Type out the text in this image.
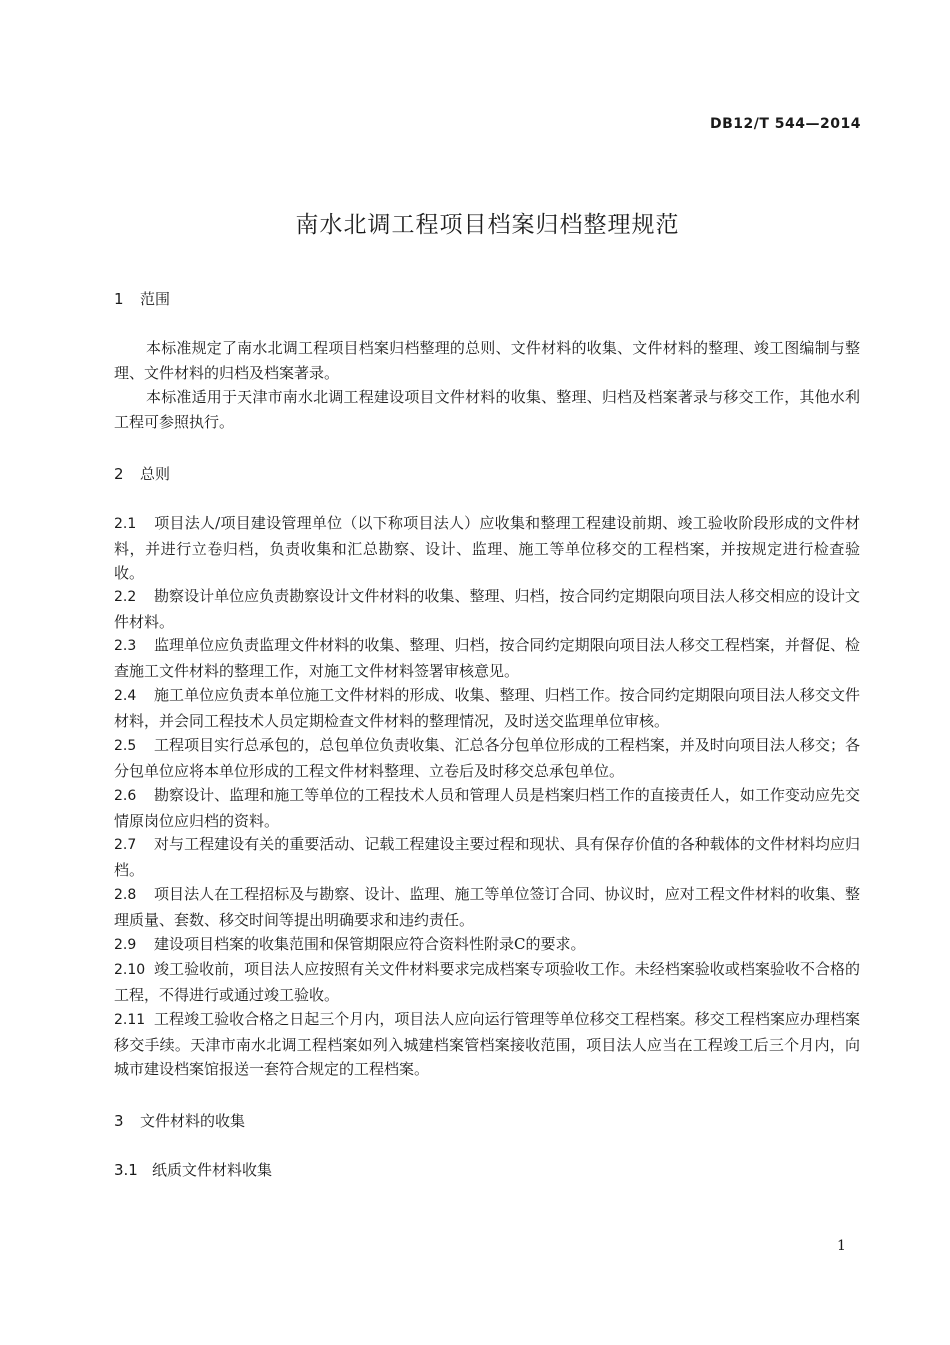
DB12/T 544—2014
南水北调工程项目档案归档整理规范
1 范围
本标准规定了南水北调工程项目档案归档整理的总则、文件材料的收集、文件材料的整理、竣工图编制与整理、文件材料的归档及档案著录。
本标准适用于天津市南水北调工程建设项目文件材料的收集、整理、归档及档案著录与移交工作，其他水利工程可参照执行。
2 总则
2.1 项目法人/项目建设管理单位（以下称项目法人）应收集和整理工程建设前期、竣工验收阶段形成的文件材料，并进行立卷归档，负责收集和汇总勘察、设计、监理、施工等单位移交的工程档案，并按规定进行检查验收。
2.2 勘察设计单位应负责勘察设计文件材料的收集、整理、归档，按合同约定期限向项目法人移交相应的设计文件材料。
2.3 监理单位应负责监理文件材料的收集、整理、归档，按合同约定期限向项目法人移交工程档案，并督促、检查施工文件材料的整理工作，对施工文件材料签署审核意见。
2.4 施工单位应负责本单位施工文件材料的形成、收集、整理、归档工作。按合同约定期限向项目法人移交文件材料，并会同工程技术人员定期检查文件材料的整理情况，及时送交监理单位审核。
2.5 工程项目实行总承包的，总包单位负责收集、汇总各分包单位形成的工程档案，并及时向项目法人移交；各分包单位应将本单位形成的工程文件材料整理、立卷后及时移交总承包单位。
2.6 勘察设计、监理和施工等单位的工程技术人员和管理人员是档案归档工作的直接责任人，如工作变动应先交情原岗位应归档的资料。
2.7 对与工程建设有关的重要活动、记载工程建设主要过程和现状、具有保存价值的各种载体的文件材料均应归档。
2.8 项目法人在工程招标及与勘察、设计、监理、施工等单位签订合同、协议时，应对工程文件材料的收集、整理质量、套数、移交时间等提出明确要求和违约责任。
2.9 建设项目档案的收集范围和保管期限应符合资料性附录C的要求。
2.10 竣工验收前，项目法人应按照有关文件材料要求完成档案专项验收工作。未经档案验收或档案验收不合格的工程，不得进行或通过竣工验收。
2.11 工程竣工验收合格之日起三个月内，项目法人应向运行管理等单位移交工程档案。移交工程档案应办理档案移交手续。天津市南水北调工程档案如列入城建档案管档案接收范围，项目法人应当在工程竣工后三个月内，向城市建设档案馆报送一套符合规定的工程档案。
3 文件材料的收集
3.1 纸质文件材料收集
1
